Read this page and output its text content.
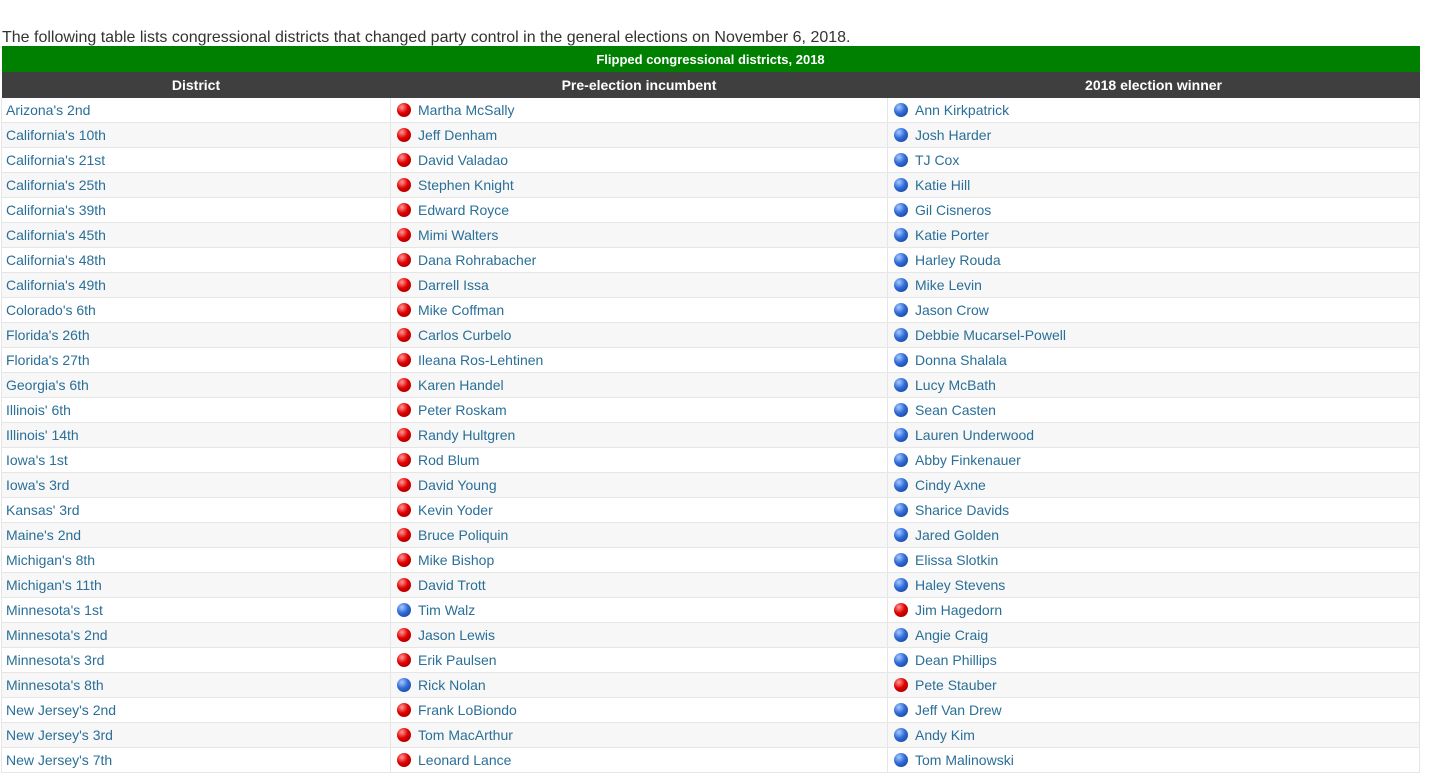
The following table lists congressional districts that changed party control in the general elections on November 6, 2018.

Flipped congressional districts, 2018		
District	Pre-election incumbent	2018 election winner
Arizona's 2nd	Martha McSally	Ann Kirkpatrick
California's 10th	Jeff Denham	Josh Harder
California's 21st	David Valadao	TJ Cox
California's 25th	Stephen Knight	Katie Hill
California's 39th	Edward Royce	Gil Cisneros
California's 45th	Mimi Walters	Katie Porter
California's 48th	Dana Rohrabacher	Harley Rouda
California's 49th	Darrell Issa	Mike Levin
Colorado's 6th	Mike Coffman	Jason Crow
Florida's 26th	Carlos Curbelo	Debbie Mucarsel-Powell
Florida's 27th	Ileana Ros-Lehtinen	Donna Shalala
Georgia's 6th	Karen Handel	Lucy McBath
Illinois' 6th	Peter Roskam	Sean Casten
Illinois' 14th	Randy Hultgren	Lauren Underwood
Iowa's 1st	Rod Blum	Abby Finkenauer
Iowa's 3rd	David Young	Cindy Axne
Kansas' 3rd	Kevin Yoder	Sharice Davids
Maine's 2nd	Bruce Poliquin	Jared Golden
Michigan's 8th	Mike Bishop	Elissa Slotkin
Michigan's 11th	David Trott	Haley Stevens
Minnesota's 1st	Tim Walz	Jim Hagedorn
Minnesota's 2nd	Jason Lewis	Angie Craig
Minnesota's 3rd	Erik Paulsen	Dean Phillips
Minnesota's 8th	Rick Nolan	Pete Stauber
New Jersey's 2nd	Frank LoBiondo	Jeff Van Drew
New Jersey's 3rd	Tom MacArthur	Andy Kim
New Jersey's 7th	Leonard Lance	Tom Malinowski
